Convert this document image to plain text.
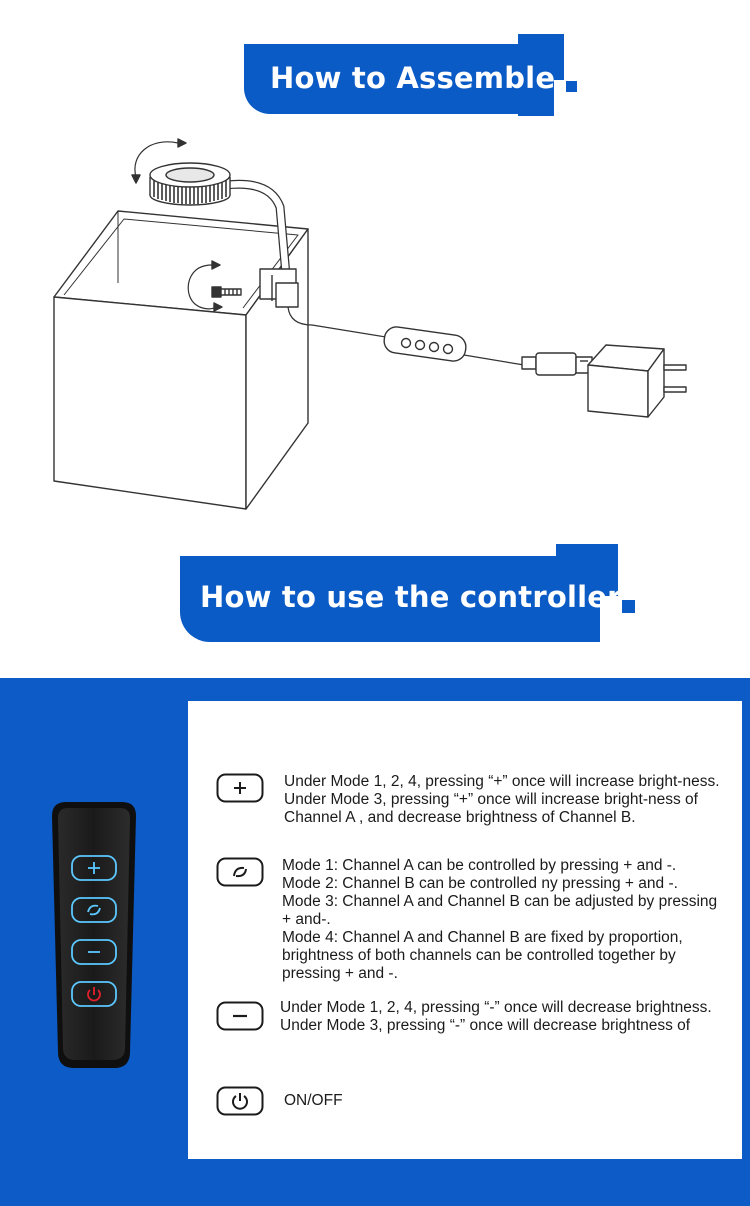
How to Assemble
How to use the controller

Under Mode 1, 2, 4, pressing “+” once will increase bright-ness.

Under Mode 3, pressing “+” once will increase bright-ness of Channel A , and decrease brightness of Channel B.

Mode 1: Channel A can be controlled by pressing + and -.

Mode 2: Channel B can be controlled ny pressing + and -.

Mode 3: Channel A and Channel B can be adjusted by pressing + and-.

Mode 4: Channel A and Channel B are fixed by proportion, brightness of both channels can be controlled together by pressing + and -.

Under Mode 1, 2, 4, pressing “-” once will decrease brightness. Under Mode 3, pressing “-” once will decrease brightness of

ON/OFF
